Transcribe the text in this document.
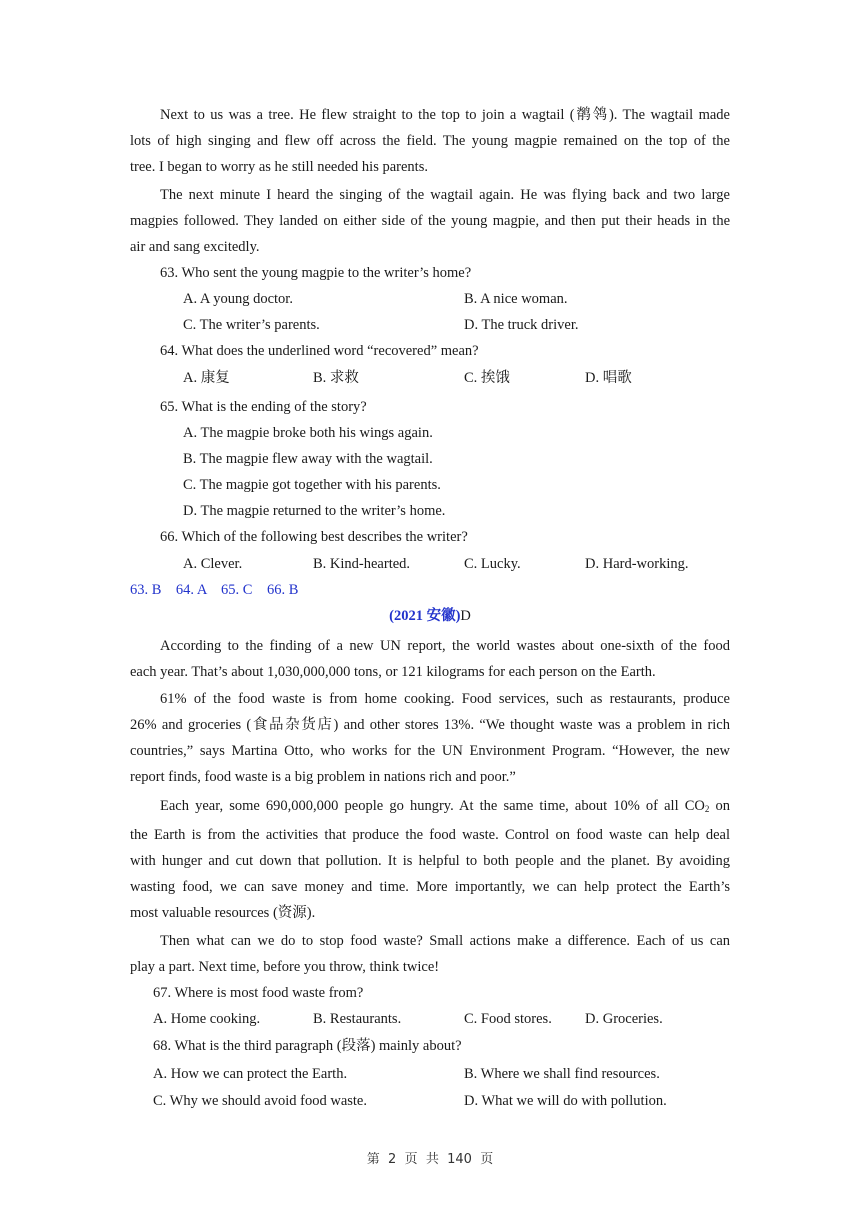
Next to us was a tree. He flew straight to the top to join a wagtail (鹡鸰). The wagtail made
lots of high singing and flew off across the field. The young magpie remained on the top of the
tree. I began to worry as he still needed his parents.
The next minute I heard the singing of the wagtail again. He was flying back and two large
magpies followed. They landed on either side of the young magpie, and then put their heads in the
air and sang excitedly.
63. Who sent the young magpie to the writer’s home?
A. A young doctor.	B. A nice woman.
C. The writer’s parents.	D. The truck driver.
64. What does the underlined word “recovered” mean?
A. 康复	B. 求救	C. 挨饿	D. 唱歌
65. What is the ending of the story?
A. The magpie broke both his wings again.
B. The magpie flew away with the wagtail.
C. The magpie got together with his parents.
D. The magpie returned to the writer’s home.
66. Which of the following best describes the writer?
A. Clever.	B. Kind-hearted.	C. Lucky.	D. Hard-working.
63. B    64. A    65. C    66. B
(2021 安徽)D
According to the finding of a new UN report, the world wastes about one-sixth of the food
each year. That’s about 1,030,000,000 tons, or 121 kilograms for each person on the Earth.
61% of the food waste is from home cooking. Food services, such as restaurants, produce
26% and groceries (食品杂货店) and other stores 13%. “We thought waste was a problem in rich
countries,” says Martina Otto, who works for the UN Environment Program. “However, the new
report finds, food waste is a big problem in nations rich and poor.”
Each year, some 690,000,000 people go hungry. At the same time, about 10% of all $CO_2$ on
the Earth is from the activities that produce the food waste. Control on food waste can help deal
with hunger and cut down that pollution. It is helpful to both people and the planet. By avoiding
wasting food, we can save money and time. More importantly, we can help protect the Earth’s
most valuable resources (资源).
Then what can we do to stop food waste? Small actions make a difference. Each of us can
play a part. Next time, before you throw, think twice!
67. Where is most food waste from?
A. Home cooking.	B. Restaurants.	C. Food stores. D. Groceries.
68. What is the third paragraph (段落) mainly about?
A. How we can protect the Earth.	B. Where we shall find resources.
C. Why we should avoid food waste.	D. What we will do with pollution.
第  2  页  共  140  页
